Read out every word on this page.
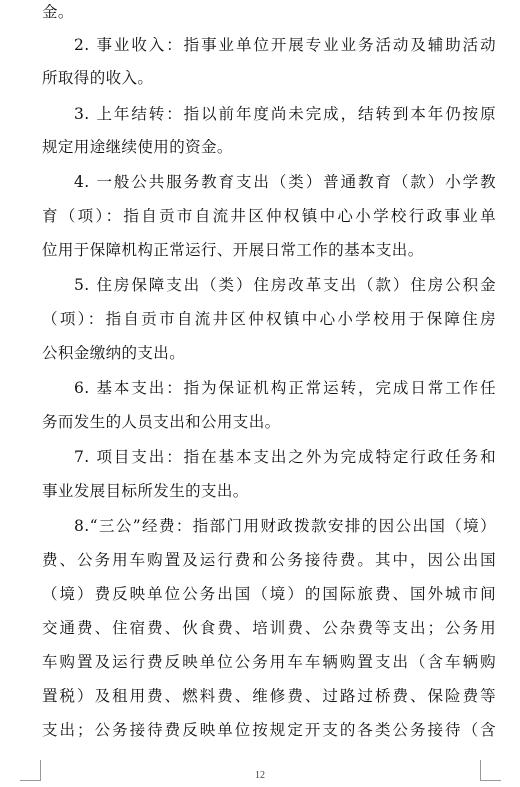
金。
2. 事业收入：指事业单位开展专业业务活动及辅助活动
所取得的收入。
3. 上年结转：指以前年度尚未完成，结转到本年仍按原
规定用途继续使用的资金。
4. 一般公共服务教育支出（类）普通教育（款）小学教
育（项）：指自贡市自流井区仲权镇中心小学校行政事业单
位用于保障机构正常运行、开展日常工作的基本支出。
5. 住房保障支出（类）住房改革支出（款）住房公积金
（项）：指自贡市自流井区仲权镇中心小学校用于保障住房
公积金缴纳的支出。
6. 基本支出：指为保证机构正常运转，完成日常工作任
务而发生的人员支出和公用支出。
7. 项目支出：指在基本支出之外为完成特定行政任务和
事业发展目标所发生的支出。
8.“三公”经费：指部门用财政拨款安排的因公出国（境）
费、公务用车购置及运行费和公务接待费。其中，因公出国
（境）费反映单位公务出国（境）的国际旅费、国外城市间
交通费、住宿费、伙食费、培训费、公杂费等支出；公务用
车购置及运行费反映单位公务用车车辆购置支出（含车辆购
置税）及租用费、燃料费、维修费、过路过桥费、保险费等
支出；公务接待费反映单位按规定开支的各类公务接待（含
12
